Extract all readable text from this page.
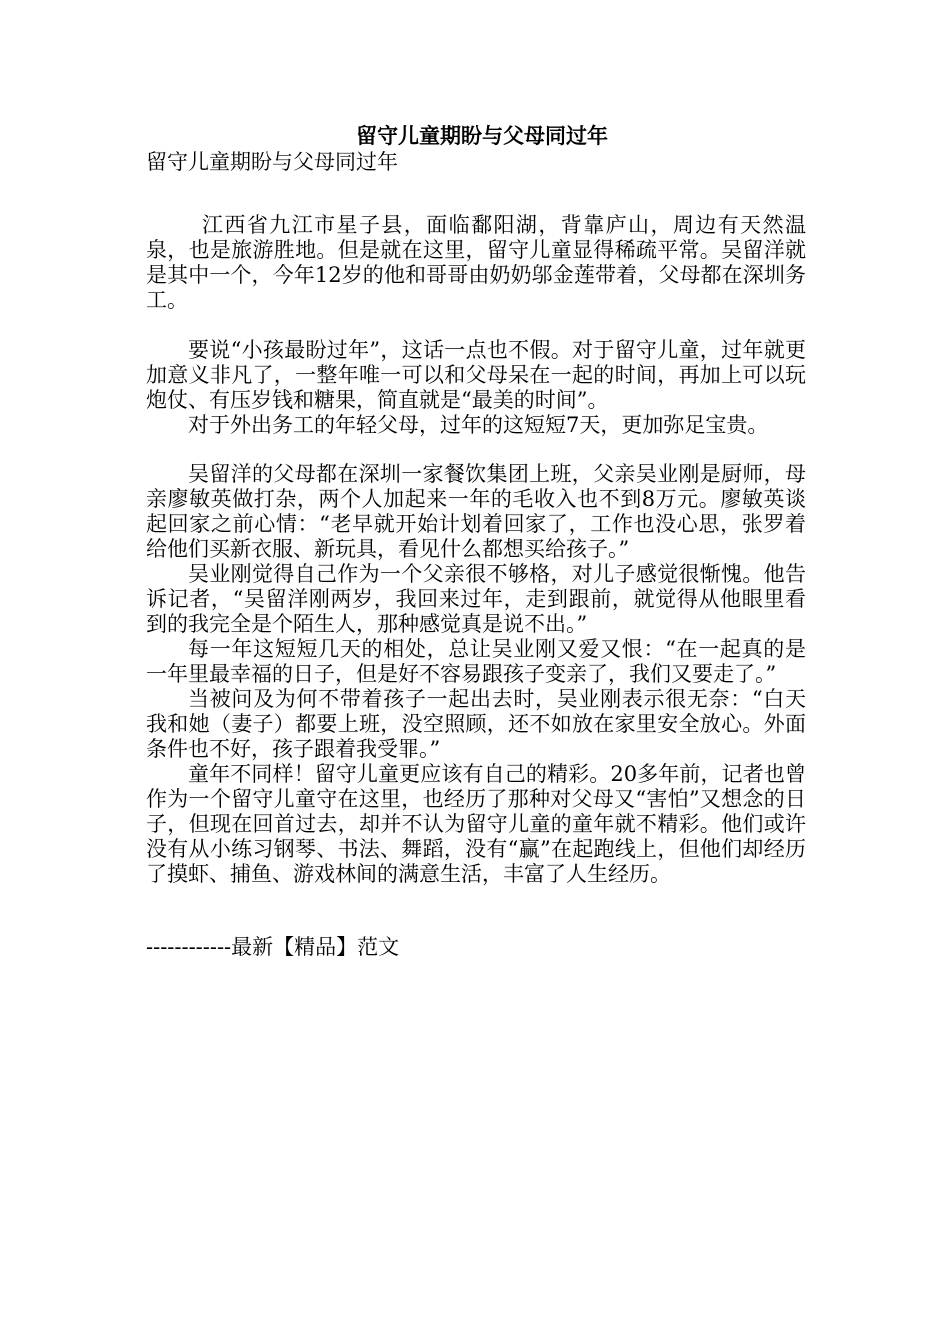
留守儿童期盼与父母同过年

留守儿童期盼与父母同过年

江西省九江市星子县，面临鄱阳湖，背靠庐山，周边有天然温泉，也是旅游胜地。但是就在这里，留守儿童显得稀疏平常。吴留洋就是其中一个，今年12岁的他和哥哥由奶奶邬金莲带着，父母都在深圳务工。

要说“小孩最盼过年”，这话一点也不假。对于留守儿童，过年就更加意义非凡了，一整年唯一可以和父母呆在一起的时间，再加上可以玩炮仗、有压岁钱和糖果，简直就是“最美的时间”。

对于外出务工的年轻父母，过年的这短短7天，更加弥足宝贵。

吴留洋的父母都在深圳一家餐饮集团上班，父亲吴业刚是厨师，母亲廖敏英做打杂，两个人加起来一年的毛收入也不到8万元。廖敏英谈起回家之前心情：“老早就开始计划着回家了，工作也没心思，张罗着给他们买新衣服、新玩具，看见什么都想买给孩子。”

吴业刚觉得自己作为一个父亲很不够格，对儿子感觉很惭愧。他告诉记者，“吴留洋刚两岁，我回来过年，走到跟前，就觉得从他眼里看到的我完全是个陌生人，那种感觉真是说不出。”

每一年这短短几天的相处，总让吴业刚又爱又恨：“在一起真的是一年里最幸福的日子，但是好不容易跟孩子变亲了，我们又要走了。”

当被问及为何不带着孩子一起出去时，吴业刚表示很无奈：“白天我和她（妻子）都要上班，没空照顾，还不如放在家里安全放心。外面条件也不好，孩子跟着我受罪。”

童年不同样！留守儿童更应该有自己的精彩。20多年前，记者也曾作为一个留守儿童守在这里，也经历了那种对父母又“害怕”又想念的日子，但现在回首过去，却并不认为留守儿童的童年就不精彩。他们或许没有从小练习钢琴、书法、舞蹈，没有“赢”在起跑线上，但他们却经历了摸虾、捕鱼、游戏林间的满意生活，丰富了人生经历。

------------最新【精品】范文
